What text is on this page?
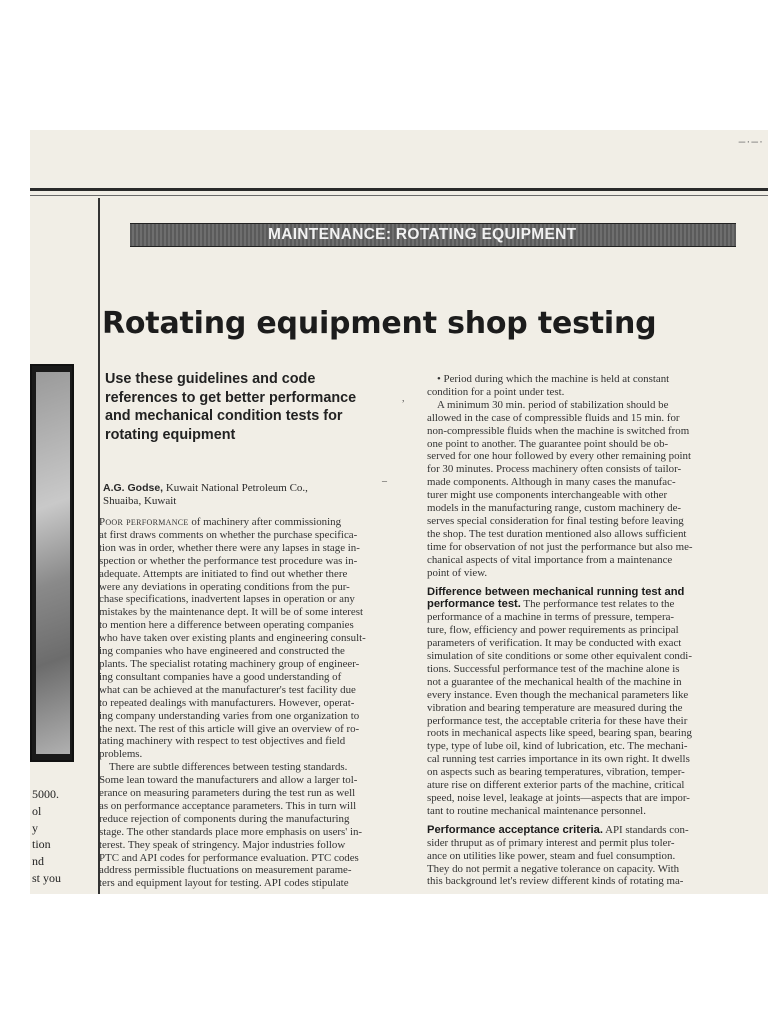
–·–·
MAINTENANCE: ROTATING EQUIPMENT
Rotating equipment shop testing

Use these guidelines and code

references to get better performance

and mechanical condition tests for

rotating equipment

,
–

A.G. Godse, Kuwait National Petroleum Co.,

Shuaiba, Kuwait

5000.

ol

y

tion

nd

st you

Poor performance of machinery after commissioning

at first draws comments on whether the purchase specifica-

tion was in order, whether there were any lapses in stage in-

spection or whether the performance test procedure was in-

adequate. Attempts are initiated to find out whether there

were any deviations in operating conditions from the pur-

chase specifications, inadvertent lapses in operation or any

mistakes by the maintenance dept. It will be of some interest

to mention here a difference between operating companies

who have taken over existing plants and engineering consult-

ing companies who have engineered and constructed the

plants. The specialist rotating machinery group of engineer-

ing consultant companies have a good understanding of

what can be achieved at the manufacturer's test facility due

to repeated dealings with manufacturers. However, operat-

ing company understanding varies from one organization to

the next. The rest of this article will give an overview of ro-

tating machinery with respect to test objectives and field

problems.

There are subtle differences between testing standards.

Some lean toward the manufacturers and allow a larger tol-

erance on measuring parameters during the test run as well

as on performance acceptance parameters. This in turn will

reduce rejection of components during the manufacturing

stage. The other standards place more emphasis on users' in-

terest. They speak of stringency. Major industries follow

PTC and API codes for performance evaluation. PTC codes

address permissible fluctuations on measurement parame-

ters and equipment layout for testing. API codes stipulate

• Period during which the machine is held at constant

condition for a point under test.

A minimum 30 min. period of stabilization should be

allowed in the case of compressible fluids and 15 min. for

non-compressible fluids when the machine is switched from

one point to another. The guarantee point should be ob-

served for one hour followed by every other remaining point

for 30 minutes. Process machinery often consists of tailor-

made components. Although in many cases the manufac-

turer might use components interchangeable with other

models in the manufacturing range, custom machinery de-

serves special consideration for final testing before leaving

the shop. The test duration mentioned also allows sufficient

time for observation of not just the performance but also me-

chanical aspects of vital importance from a maintenance

point of view.

Difference between mechanical running test and

performance test. The performance test relates to the

performance of a machine in terms of pressure, tempera-

ture, flow, efficiency and power requirements as principal

parameters of verification. It may be conducted with exact

simulation of site conditions or some other equivalent condi-

tions. Successful performance test of the machine alone is

not a guarantee of the mechanical health of the machine in

every instance. Even though the mechanical parameters like

vibration and bearing temperature are measured during the

performance test, the acceptable criteria for these have their

roots in mechanical aspects like speed, bearing span, bearing

type, type of lube oil, kind of lubrication, etc. The mechani-

cal running test carries importance in its own right. It dwells

on aspects such as bearing temperatures, vibration, temper-

ature rise on different exterior parts of the machine, critical

speed, noise level, leakage at joints—aspects that are impor-

tant to routine mechanical maintenance personnel.

Performance acceptance criteria. API standards con-

sider thruput as of primary interest and permit plus toler-

ance on utilities like power, steam and fuel consumption.

They do not permit a negative tolerance on capacity. With

this background let's review different kinds of rotating ma-
